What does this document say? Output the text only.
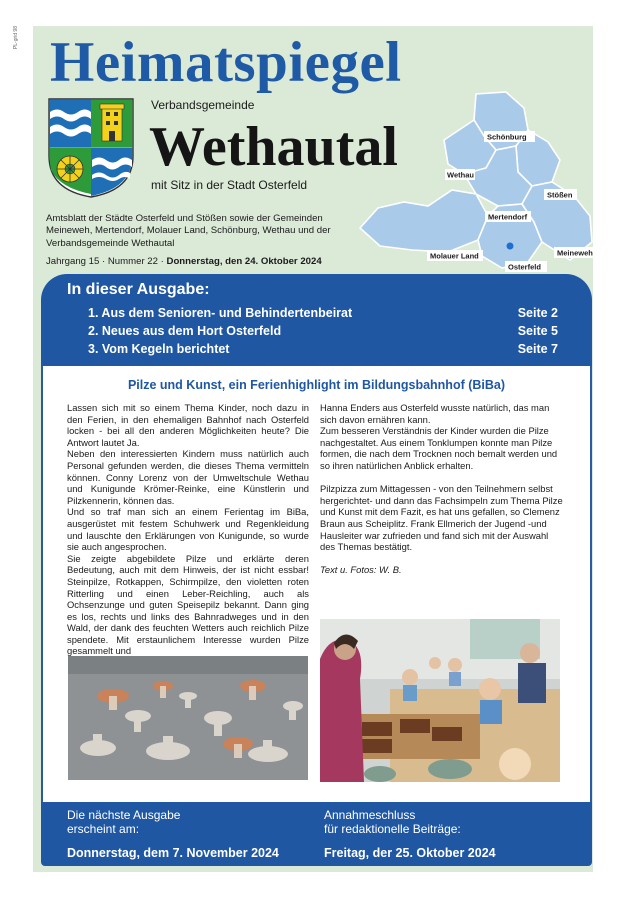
PL-grid 98 Heimatspiegel
Verbandsgemeinde
Wethautal
mit Sitz in der Stadt Osterfeld
Schönburg
Wethau
Stößen
Mertendorf
Molauer Land
Osterfeld
Meineweh
Amtsblatt der Städte Osterfeld und Stößen sowie der Gemeinden Meineweh, Mertendorf, Molauer Land, Schönburg, Wethau und der Verbandsgemeinde Wethautal
Jahrgang 15 · Nummer 22 · Donnerstag, den 24. Oktober 2024
In dieser Ausgabe:
1. Aus dem Senioren- und Behindertenbeirat	Seite 2
2. Neues aus dem Hort Osterfeld	Seite 5
3. Vom Kegeln berichtet	Seite 7
Pilze und Kunst, ein Ferienhighlight im Bildungsbahnhof (BiBa)

Lassen sich mit so einem Thema Kinder, noch dazu in den Ferien, in den ehemaligen Bahnhof nach Osterfeld locken - bei all den anderen Möglichkeiten heute? Die Antwort lautet Ja.

Neben den interessierten Kindern muss natürlich auch Personal gefunden werden, die dieses Thema vermitteln können. Conny Lorenz von der Umweltschule Wethau und Kunigunde Krömer-Reinke, eine Künstlerin und Pilzkennerin, können das.

Und so traf man sich an einem Ferientag im BiBa, ausgerüstet mit festem Schuhwerk und Regenkleidung und lauschte den Erklärungen von Kunigunde, so wurde sie auch angesprochen.

Sie zeigte abgebildete Pilze und erklärte deren Bedeutung, auch mit dem Hinweis, der ist nicht essbar! Steinpilze, Rotkappen, Schirmpilze, den violetten roten Ritterling und einen Leber-Reichling, auch als Ochsenzunge und guten Speisepilz bekannt. Dann ging es los, rechts und links des Bahnradweges und in den Wald, der dank des feuchten Wetters auch reichlich Pilze spendete. Mit erstaunlichem Interesse wurden Pilze gesammelt und

Hanna Enders aus Osterfeld wusste natürlich, das man sich davon ernähren kann.

Zum besseren Verständnis der Kinder wurden die Pilze nachgestaltet. Aus einem Tonklumpen konnte man Pilze formen, die nach dem Trocknen noch bemalt werden und so ihren natürlichen Anblick erhalten.

Pilzpizza zum Mittagessen - von den Teilnehmern selbst hergerichtet- und dann das Fachsimpeln zum Thema Pilze und Kunst mit dem Fazit, es hat uns gefallen, so Clemenz Braun aus Scheiplitz. Frank Ellmerich der Jugend -und Hausleiter war zufrieden und fand sich mit der Auswahl des Themas bestätigt.

Text u. Fotos: W. B.

Die nächste Ausgabe
erscheint am:
Donnerstag, dem 7. November 2024
Annahmeschluss
für redaktionelle Beiträge:
Freitag, der 25. Oktober 2024
